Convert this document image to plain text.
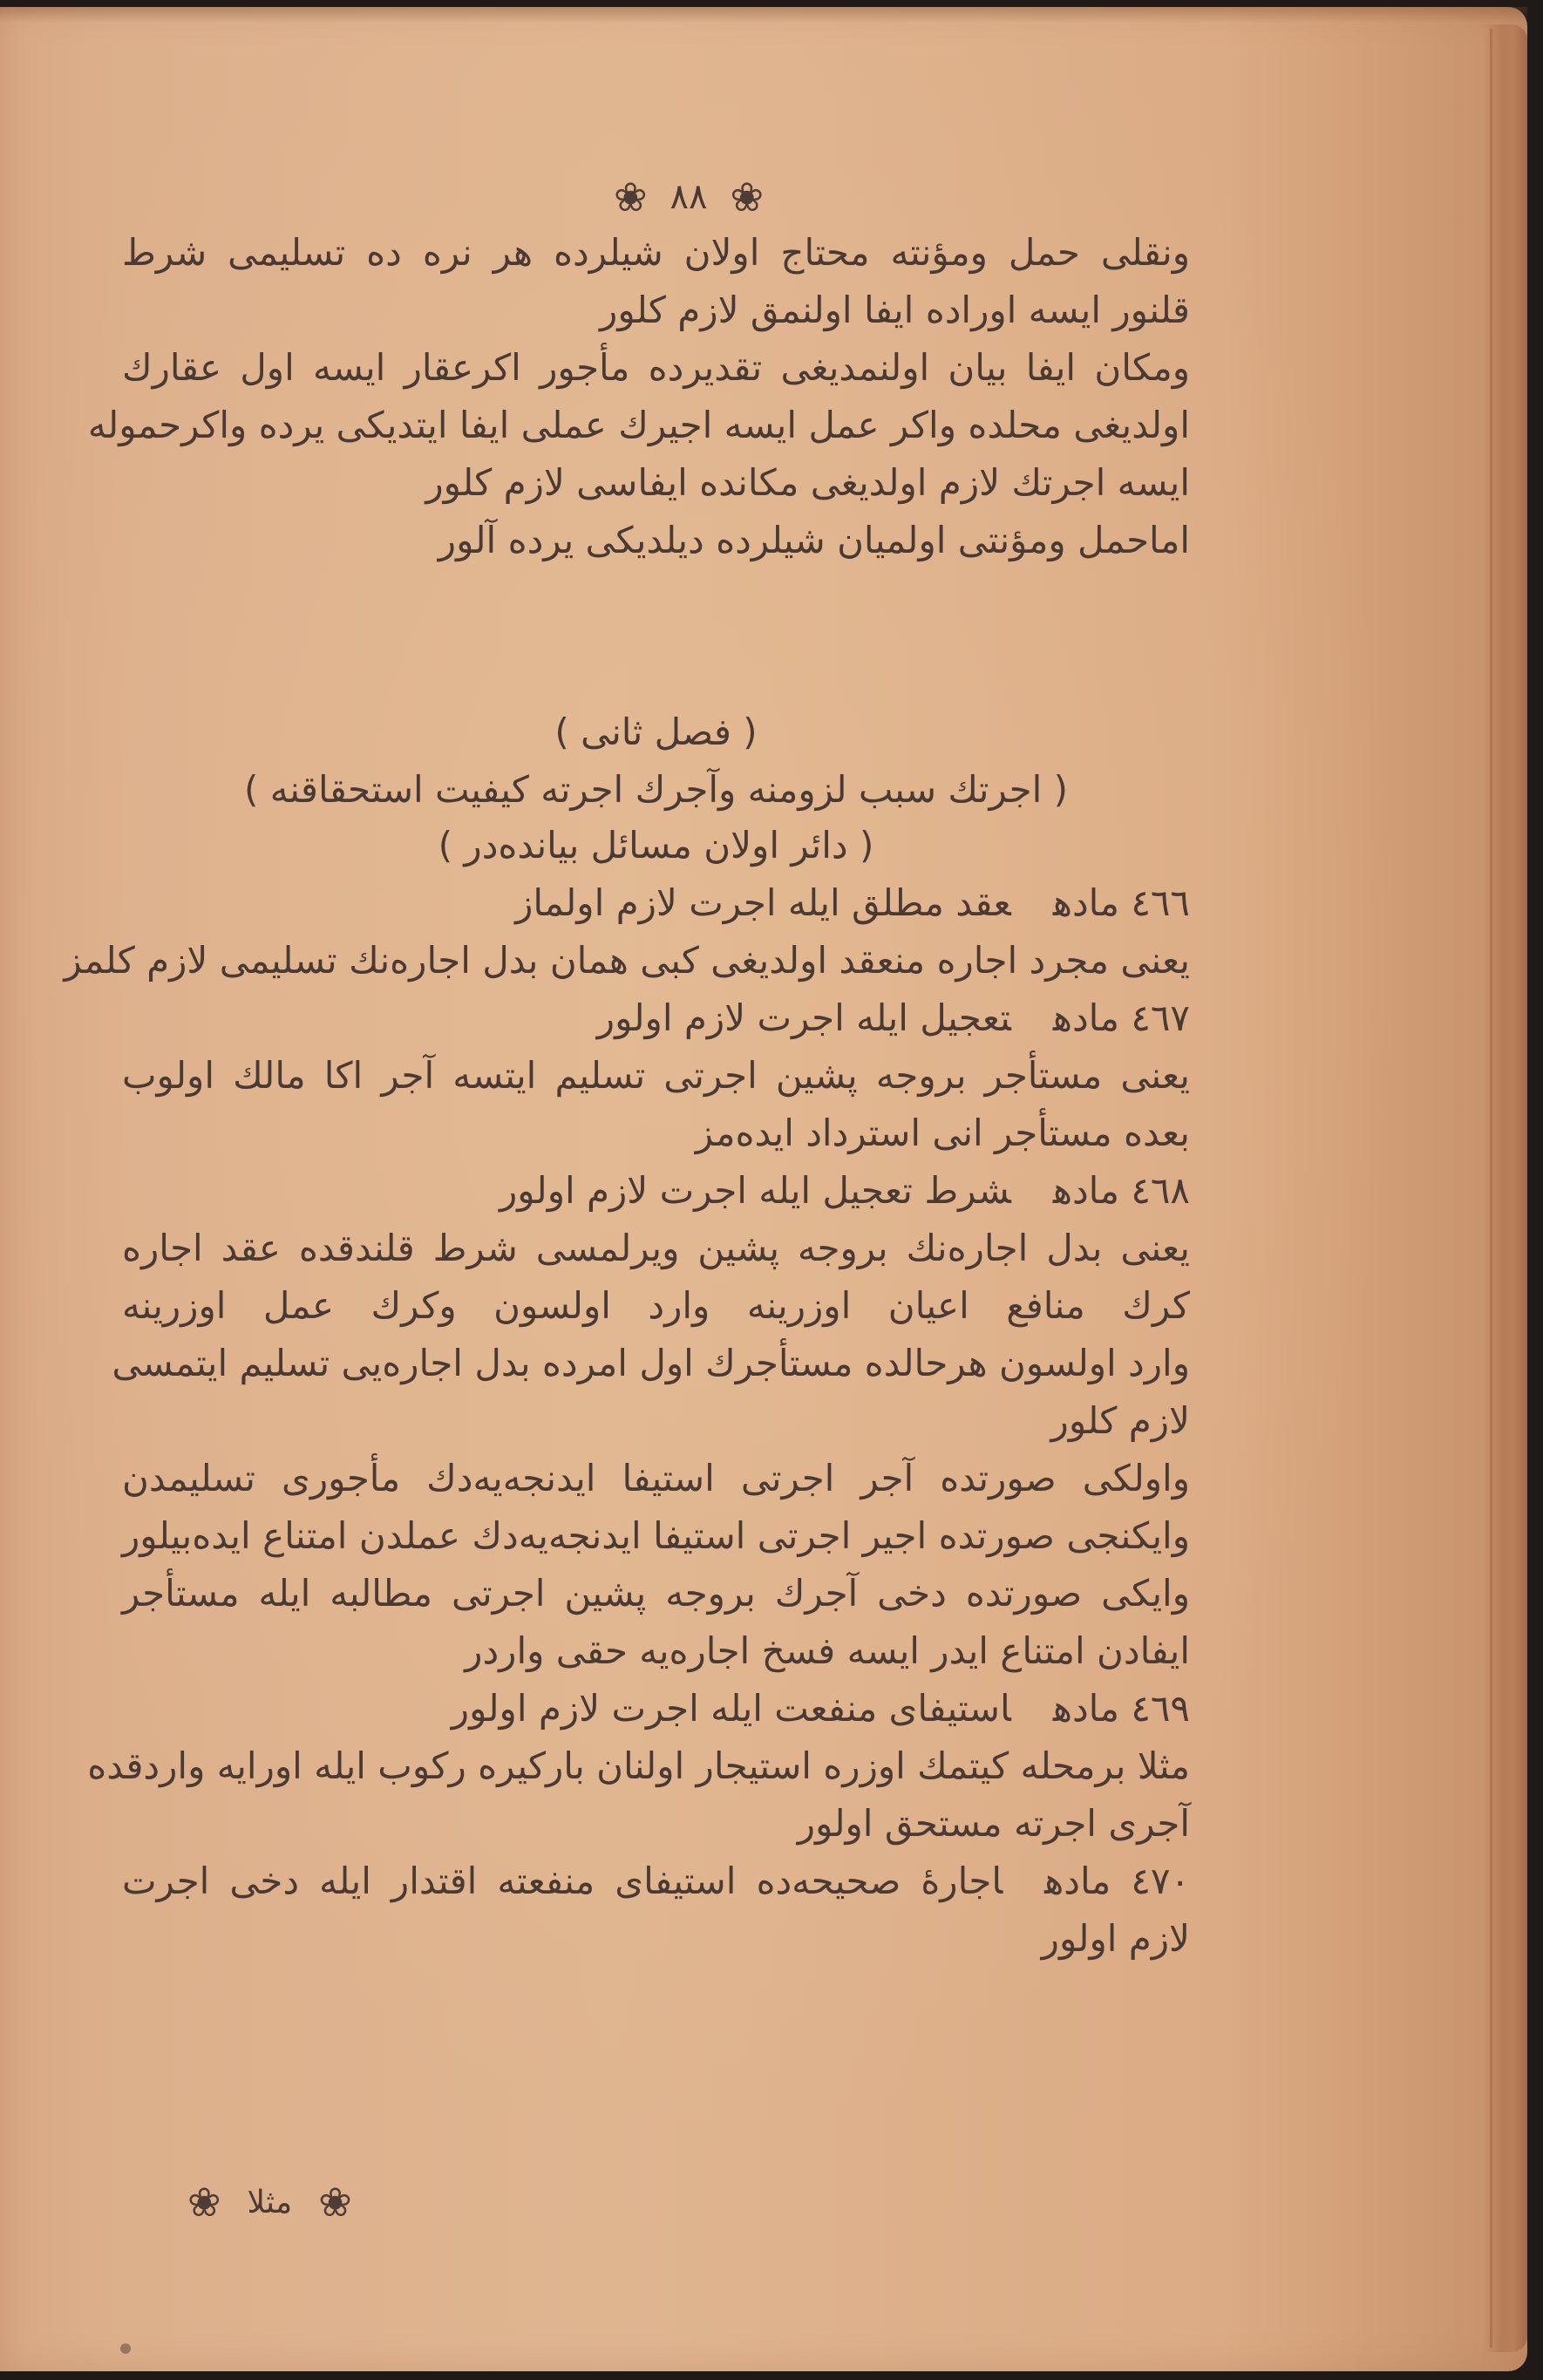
❀
٨٨
❀
ونقلی حمل ومؤنته محتاج اولان شیلرده هر نره ده تسلیمی شرط
قلنور ایسه اوراده ایفا اولنمق لازم کلور
ومکان ایفا بیان اولنمدیغی تقدیرده مأجور اکرعقار ایسه اول عقارك
اولدیغی محلده واکر عمل ایسه اجیرك عملی ایفا ایتدیکی یرده واکرحموله
ایسه اجرتك لازم اولدیغی مکانده ایفاسی لازم کلور
اماحمل ومؤنتی اولمیان شیلرده دیلدیکی یرده آلور
( فصل ثانی )
( اجرتك سبب لزومنه وآجرك اجرته کیفیت استحقاقنه )
( دائر اولان مسائل بیانده‌در )
٤٦٦ مادهعقد مطلق ایله اجرت لازم اولماز
یعنی مجرد اجاره منعقد اولدیغی کبی همان بدل اجاره‌نك تسلیمی لازم کلمز
٤٦٧ مادهتعجیل ایله اجرت لازم اولور
یعنی مستأجر بروجه پشین اجرتی تسلیم ایتسه آجر اکا مالك اولوب
بعده مستأجر انی استرداد ایده‌مز
٤٦٨ مادهشرط تعجیل ایله اجرت لازم اولور
یعنی بدل اجاره‌نك بروجه پشین ویرلمسی شرط قلندقده عقد اجاره
کرك منافع اعیان اوزرینه وارد اولسون وکرك عمل اوزرینه
وارد اولسون هرحالده مستأجرك اول امرده بدل اجاره‌یی تسلیم ایتمسی
لازم کلور
واولکی صورتده آجر اجرتی استیفا ایدنجه‌یه‌دك مأجوری تسلیمدن
وایکنجی صورتده اجیر اجرتی استیفا ایدنجه‌یه‌دك عملدن امتناع ایده‌بیلور
وایکی صورتده دخی آجرك بروجه پشین اجرتی مطالبه ایله مستأجر
ایفادن امتناع ایدر ایسه فسخ اجاره‌یه حقی واردر
٤٦٩ مادهاستیفای منفعت ایله اجرت لازم اولور
مثلا برمحله کیتمك اوزره استیجار اولنان بارکیره رکوب ایله اورایه واردقده
آجری اجرته مستحق اولور
٤٧٠ مادهاجارهٔ صحیحه‌ده استیفای منفعته اقتدار ایله دخی اجرت
لازم اولور
❀
مثلا
❀
